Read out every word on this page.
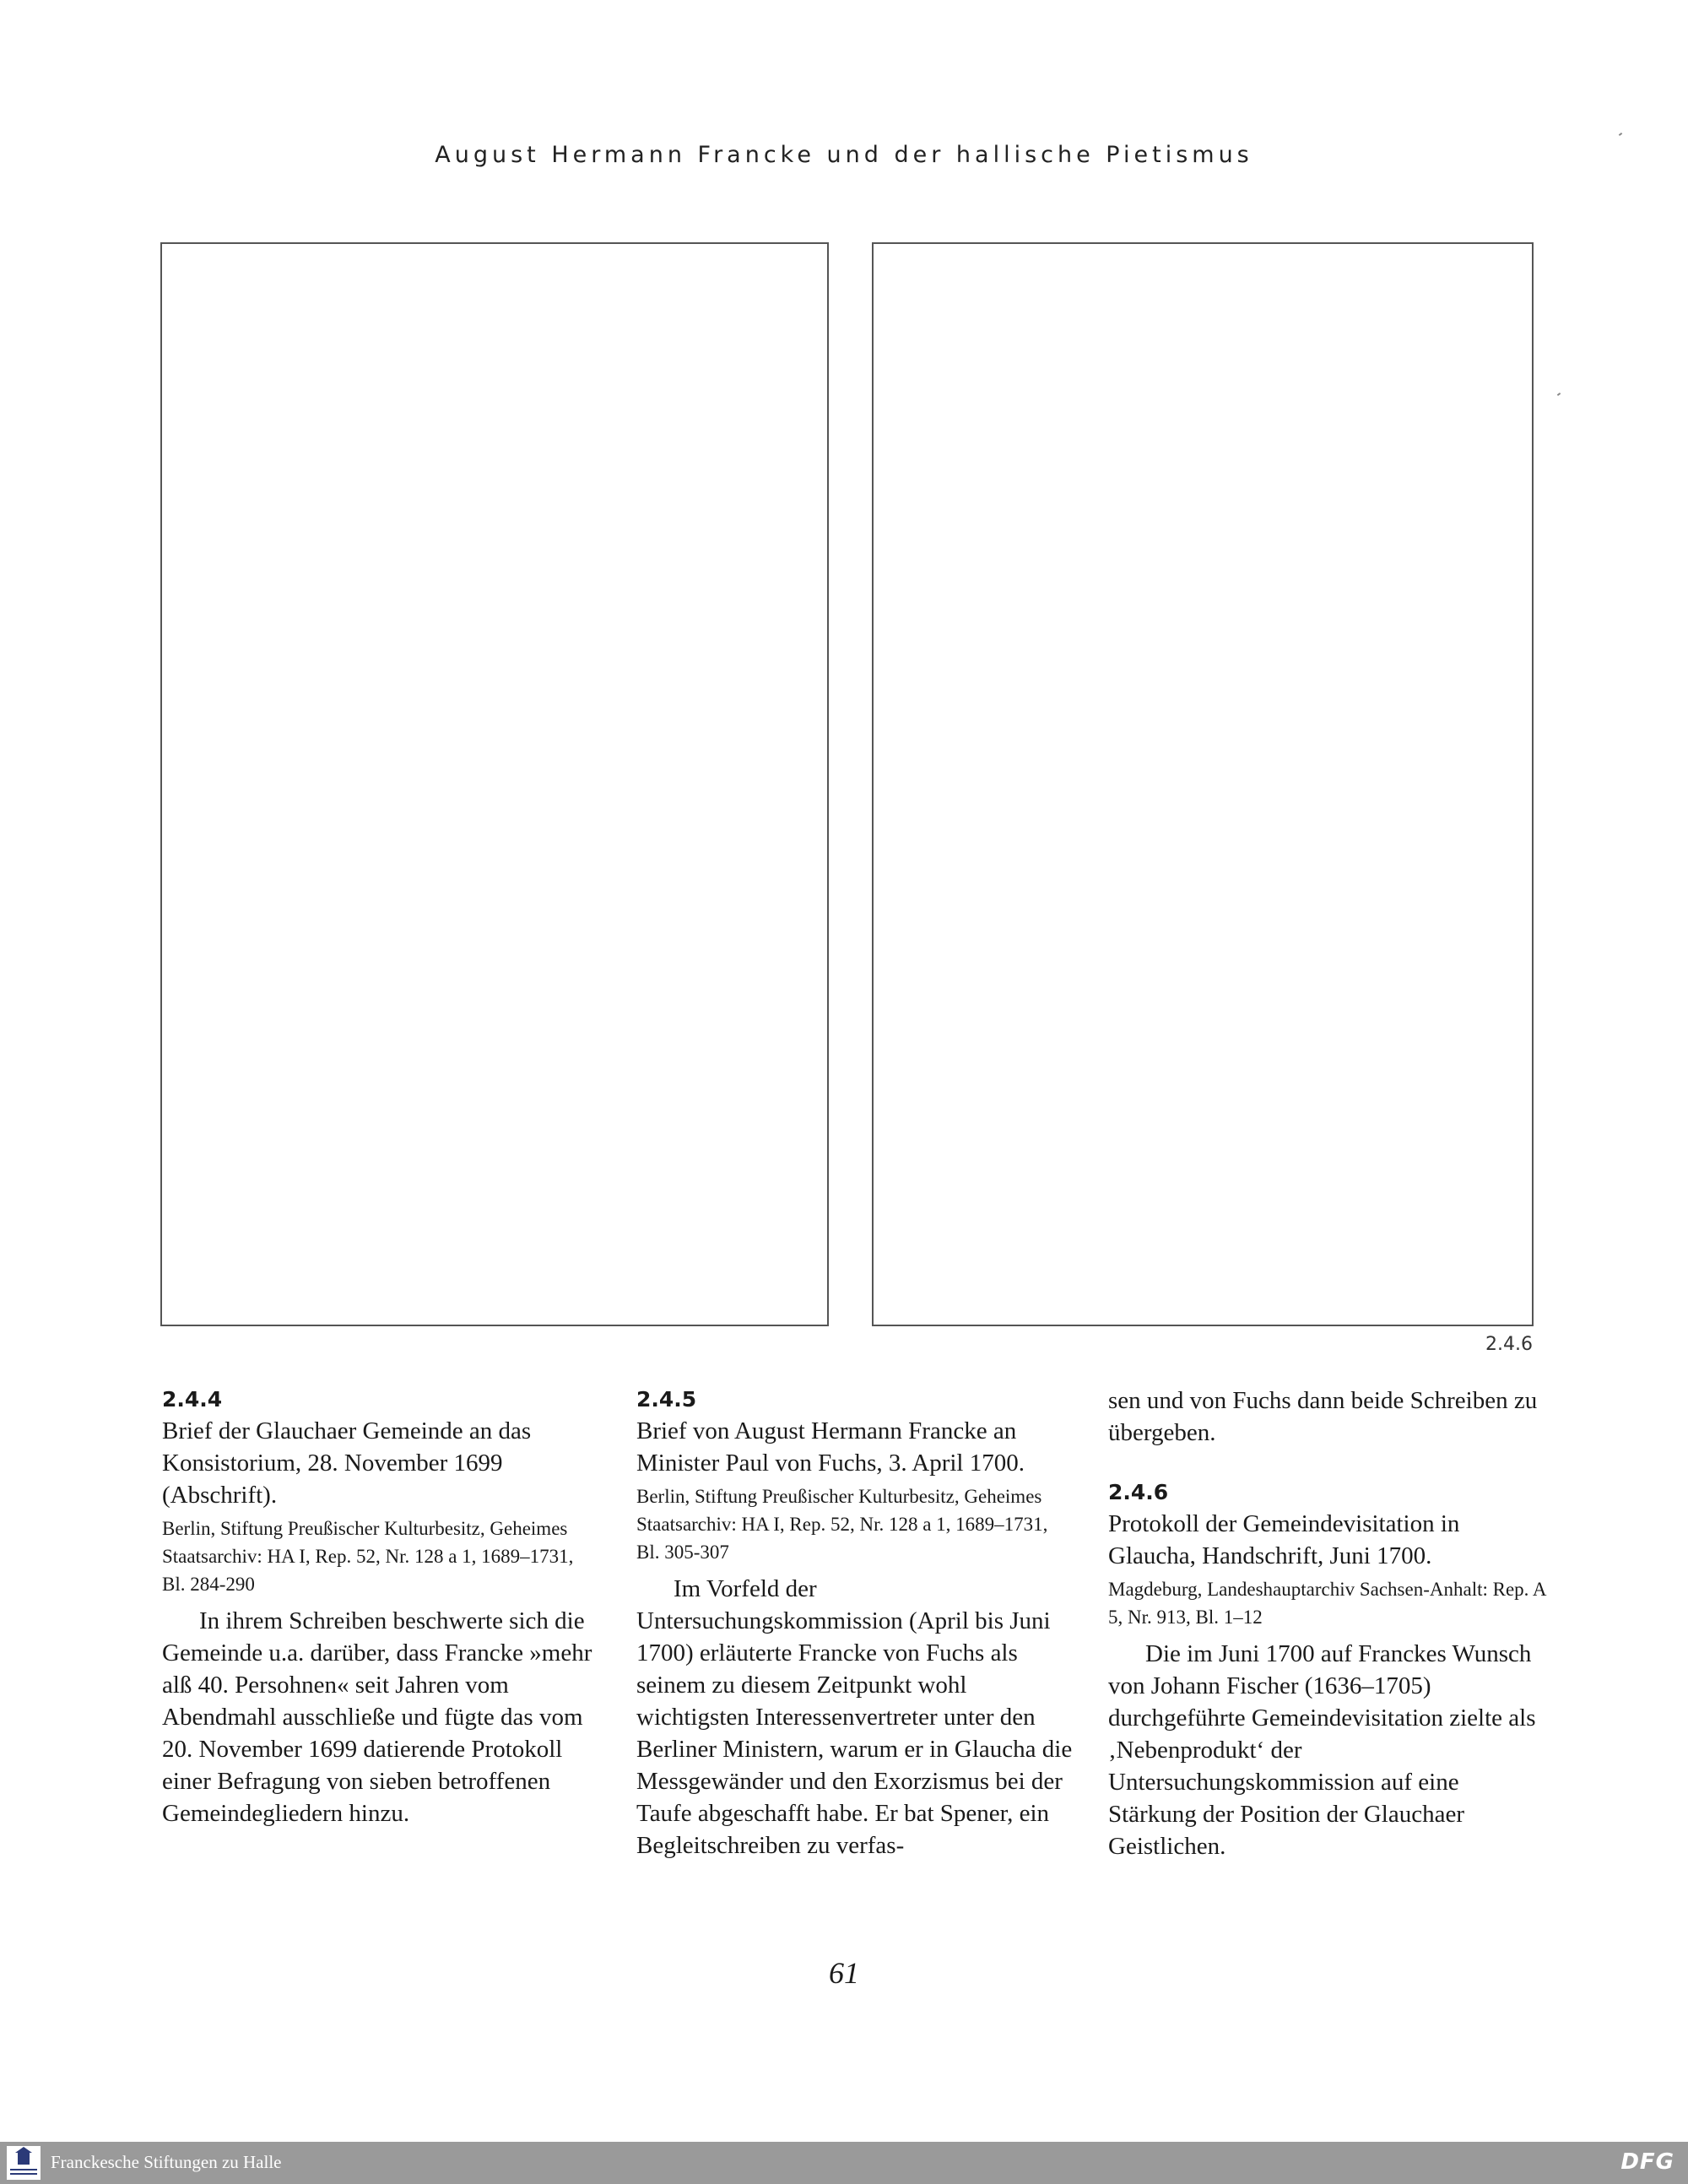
August Hermann Francke und der hallische Pietismus
2.4.6

2.4.4

Brief der Glauchaer Gemeinde an das Konsistorium, 28. November 1699 (Abschrift).

Berlin, Stiftung Preußischer Kulturbesitz, Geheimes Staatsarchiv: HA I, Rep. 52, Nr. 128 a 1, 1689–1731, Bl. 284-290

In ihrem Schreiben beschwerte sich die Gemeinde u.a. darüber, dass Francke »mehr alß 40. Persohnen« seit Jahren vom Abendmahl ausschließe und fügte das vom 20. November 1699 datierende Protokoll einer Befragung von sieben betroffenen Gemeindegliedern hinzu.

2.4.5

Brief von August Hermann Francke an Minister Paul von Fuchs, 3. April 1700.

Berlin, Stiftung Preußischer Kulturbesitz, Geheimes Staatsarchiv: HA I, Rep. 52, Nr. 128 a 1, 1689–1731, Bl. 305-307

Im Vorfeld der Untersuchungskommission (April bis Juni 1700) erläuterte Francke von Fuchs als seinem zu diesem Zeitpunkt wohl wichtigsten Interessenvertreter unter den Berliner Ministern, warum er in Glaucha die Messgewänder und den Exorzismus bei der Taufe abgeschafft habe. Er bat Spener, ein Begleitschreiben zu verfas-

sen und von Fuchs dann beide Schreiben zu übergeben.

2.4.6

Protokoll der Gemeindevisitation in Glaucha, Handschrift, Juni 1700.

Magdeburg, Landeshauptarchiv Sachsen-Anhalt: Rep. A 5, Nr. 913, Bl. 1–12

Die im Juni 1700 auf Franckes Wunsch von Johann Fischer (1636–1705) durchgeführte Gemeindevisitation zielte als ‚Nebenprodukt‘ der Untersuchungskommission auf eine Stärkung der Position der Glauchaer Geistlichen.

61
Franckesche Stiftungen zu Halle	DFG
